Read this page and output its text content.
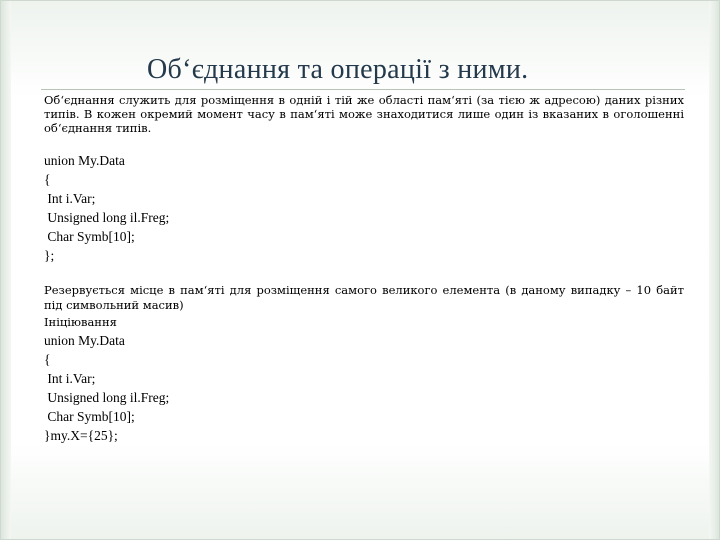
Об‘єднання та операції з ними.

Об‘єднання служить для розміщення в одній і тій же області пам‘яті (за тією ж адресою) даних різних типів. В кожен окремий момент часу в пам‘яті може знаходитися лише один із вказаних в оголошенні об‘єднання типів.

union My.Data
{
Int i.Var;
Unsigned long il.Freg;
Char Symb[10];
};

Резервується місце в пам‘яті для розміщення самого великого елемента (в даному випадку – 10 байт під символьний масив)

Ініціювання
union My.Data
{
Int i.Var;
Unsigned long il.Freg;
Char Symb[10];
}my.X={25};
